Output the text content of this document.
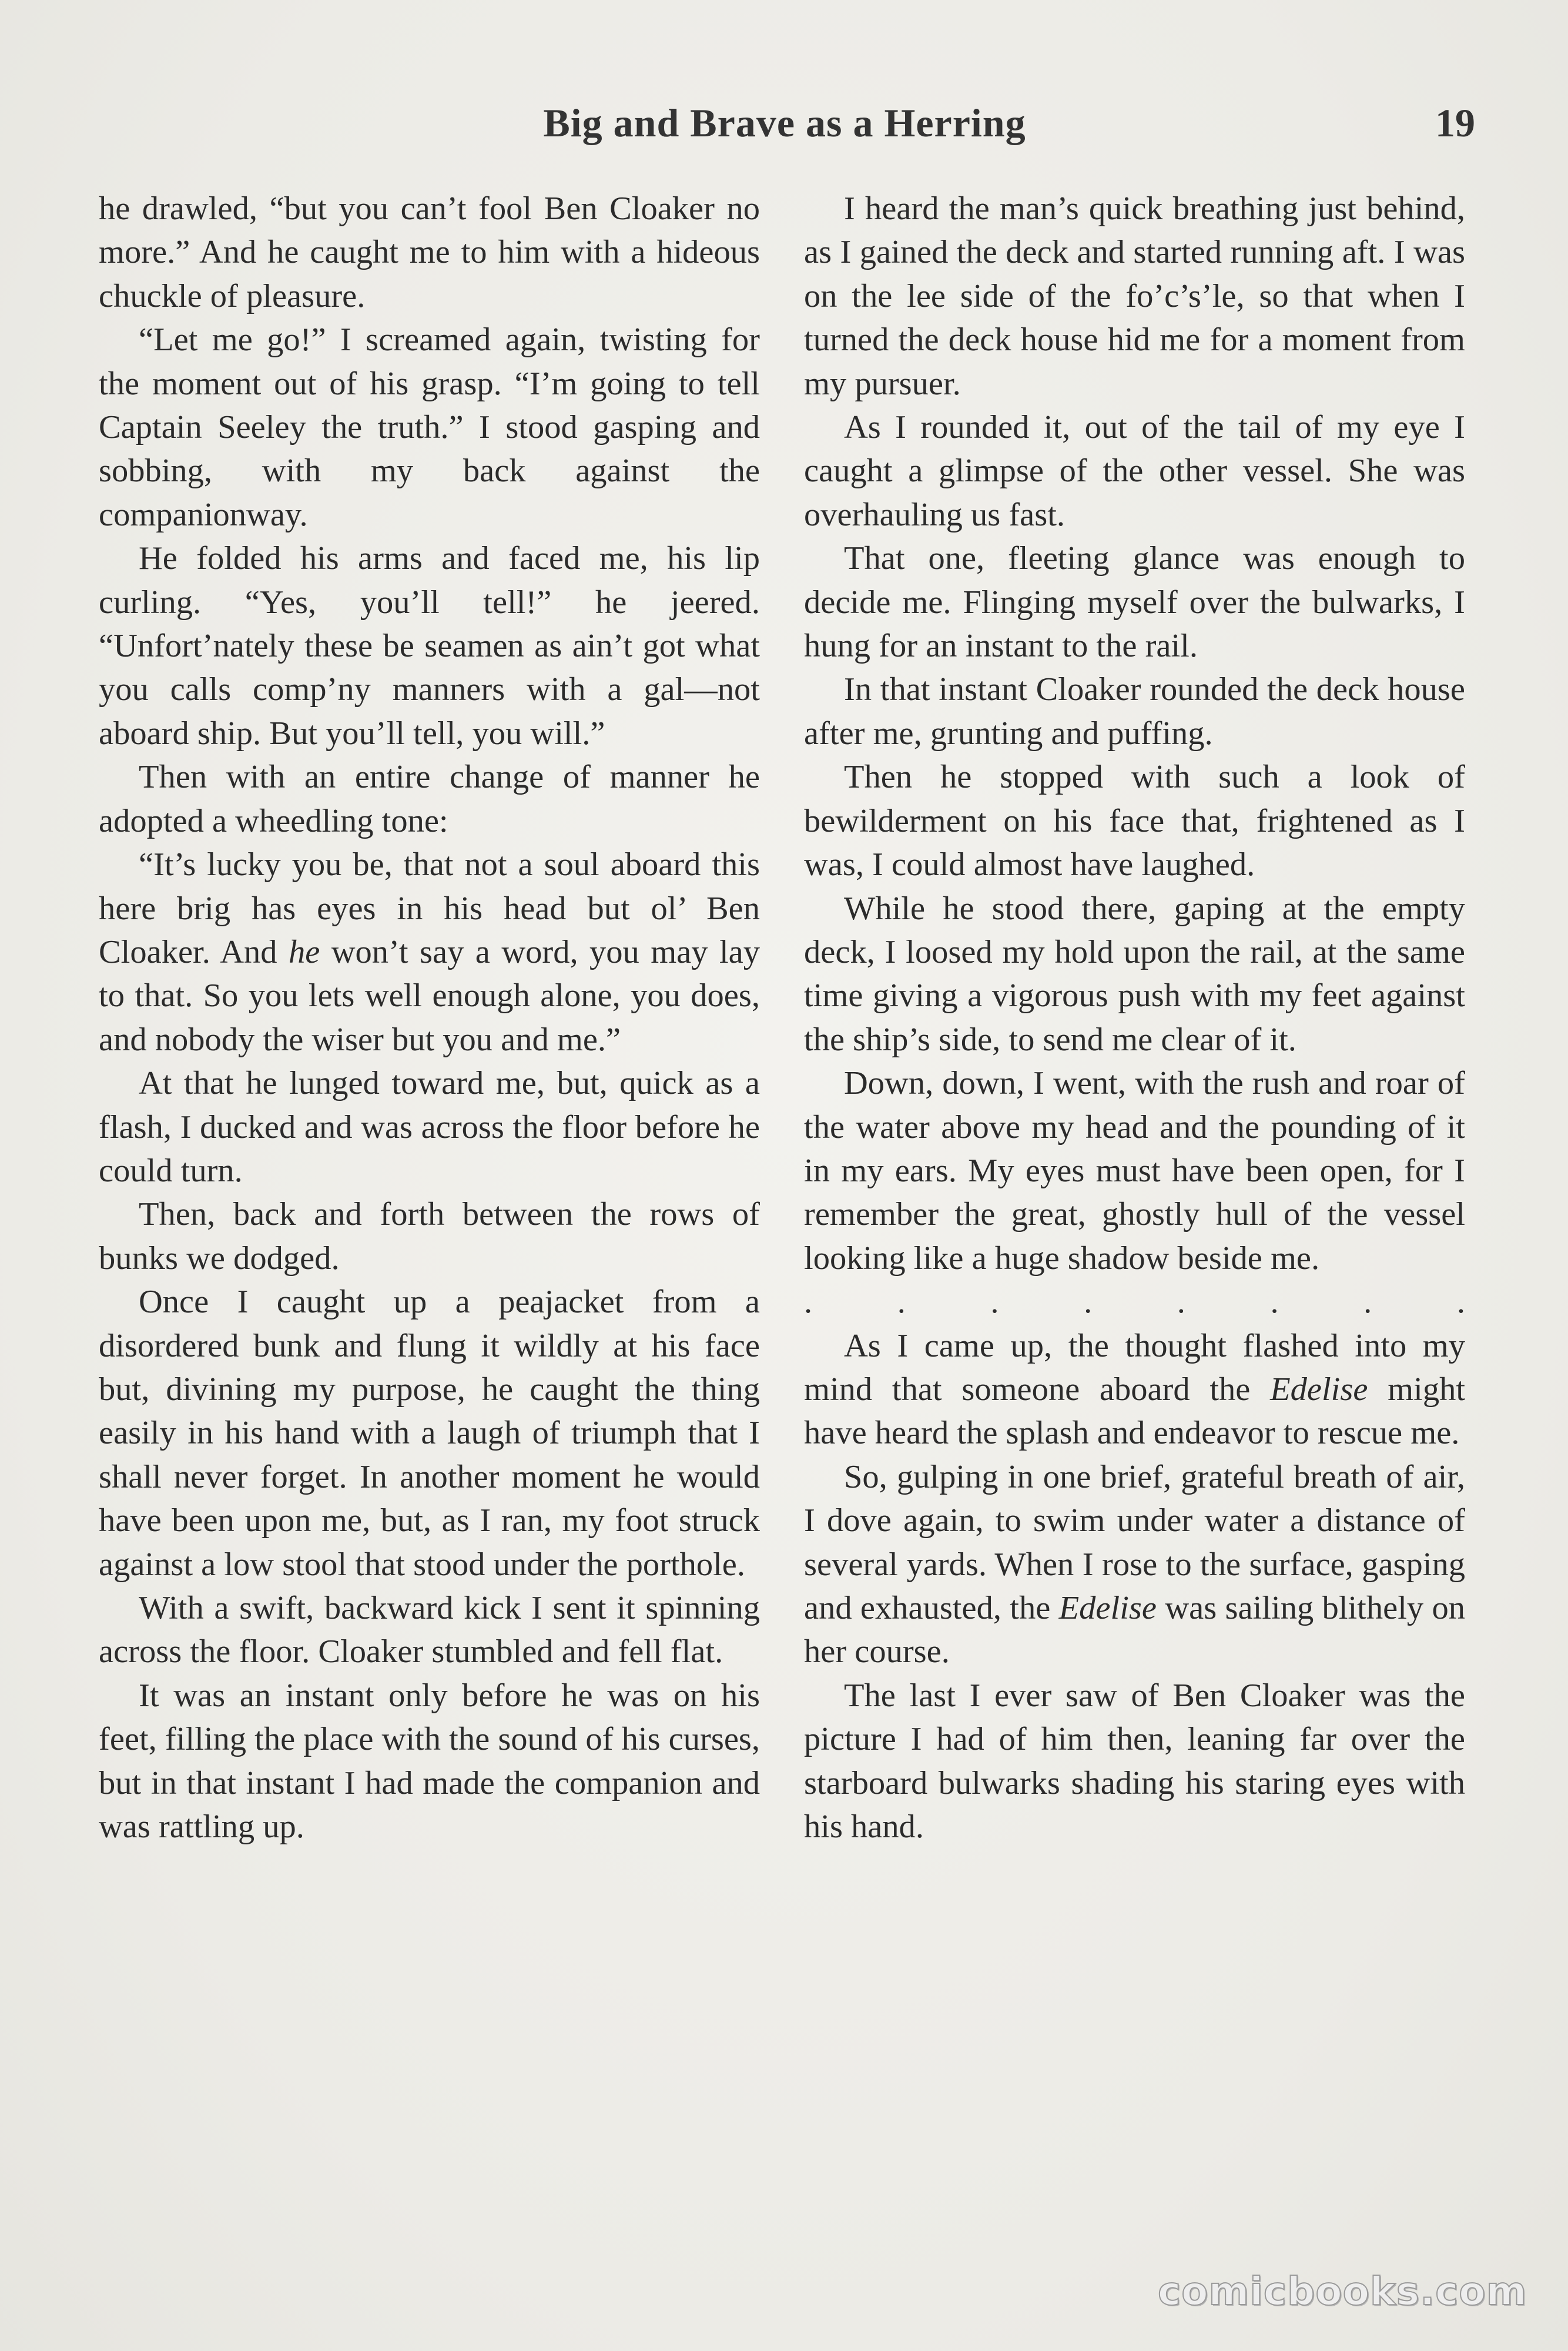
Big and Brave as a Herring	19

he drawled, “but you can’t fool Ben Cloaker no more.” And he caught me to him with a hideous chuckle of pleasure.

“Let me go!” I screamed again, twisting for the moment out of his grasp. “I’m going to tell Captain Seeley the truth.” I stood gasping and sobbing, with my back against the companionway.

He folded his arms and faced me, his lip curling. “Yes, you’ll tell!” he jeered. “Unfort’nately these be seamen as ain’t got what you calls comp’ny manners with a gal—not aboard ship. But you’ll tell, you will.”

Then with an entire change of manner he adopted a wheedling tone:

“It’s lucky you be, that not a soul aboard this here brig has eyes in his head but ol’ Ben Cloaker. And he won’t say a word, you may lay to that. So you lets well enough alone, you does, and nobody the wiser but you and me.”

At that he lunged toward me, but, quick as a flash, I ducked and was across the floor before he could turn.

Then, back and forth between the rows of bunks we dodged.

Once I caught up a peajacket from a disordered bunk and flung it wildly at his face but, divining my purpose, he caught the thing easily in his hand with a laugh of triumph that I shall never forget. In another moment he would have been upon me, but, as I ran, my foot struck against a low stool that stood under the porthole.

With a swift, backward kick I sent it spinning across the floor. Cloaker stumbled and fell flat.

It was an instant only before he was on his feet, filling the place with the sound of his curses, but in that instant I had made the companion and was rattling up.

I heard the man’s quick breathing just behind, as I gained the deck and started running aft. I was on the lee side of the fo’c’s’le, so that when I turned the deck house hid me for a moment from my pursuer.

As I rounded it, out of the tail of my eye I caught a glimpse of the other vessel. She was overhauling us fast.

That one, fleeting glance was enough to decide me. Flinging myself over the bulwarks, I hung for an instant to the rail.

In that instant Cloaker rounded the deck house after me, grunting and puffing.

Then he stopped with such a look of bewilderment on his face that, frightened as I was, I could almost have laughed.

While he stood there, gaping at the empty deck, I loosed my hold upon the rail, at the same time giving a vigorous push with my feet against the ship’s side, to send me clear of it.

Down, down, I went, with the rush and roar of the water above my head and the pounding of it in my ears. My eyes must have been open, for I remember the great, ghostly hull of the vessel looking like a huge shadow beside me.

. . . . . . . .

As I came up, the thought flashed into my mind that someone aboard the Edelise might have heard the splash and endeavor to rescue me.

So, gulping in one brief, grateful breath of air, I dove again, to swim under water a distance of several yards. When I rose to the surface, gasping and exhausted, the Edelise was sailing blithely on her course.

The last I ever saw of Ben Cloaker was the picture I had of him then, leaning far over the starboard bulwarks shading his staring eyes with his hand.

comicbooks.com
